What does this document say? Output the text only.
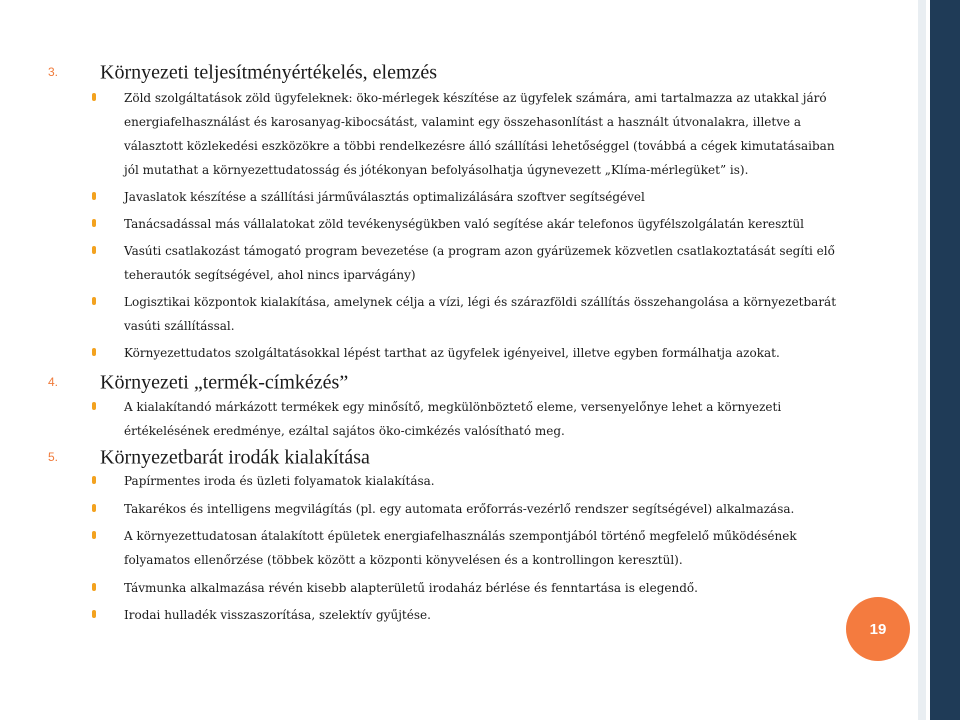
3. Környezeti teljesítményértékelés, elemzés
Zöld szolgáltatások zöld ügyfeleknek: öko-mérlegek készítése az ügyfelek számára, ami tartalmazza az utakkal járó energiafelhasználást és karosanyag-kibocsátást, valamint egy összehasonlítást a használt útvonalakra, illetve a választott közlekedési eszközökre a többi rendelkezésre álló szállítási lehetőséggel (továbbá a cégek kimutatásaiban jól mutathat a környezettudatosság és jótékonyan befolyásolhatja úgynevezett „Klíma-mérlegüket” is).
Javaslatok készítése a szállítási járműválasztás optimalizálására szoftver segítségével
Tanácsadással más vállalatokat zöld tevékenységükben való segítése akár telefonos ügyfélszolgálatán keresztül
Vasúti csatlakozást támogató program bevezetése (a program azon gyárüzemek közvetlen csatlakoztatását segíti elő teherautók segítségével, ahol nincs iparvágány)
Logisztikai központok kialakítása, amelynek célja a vízi, légi és szárazföldi szállítás összehangolása a környezetbarát vasúti szállítással.
Környezettudatos szolgáltatásokkal lépést tarthat az ügyfelek igényeivel, illetve egyben formálhatja azokat.
4. Környezeti „termék-címkézés”
A kialakítandó márkázott termékek egy minősítő, megkülönböztető eleme, versenyelőnye lehet a környezeti értékelésének eredménye, ezáltal sajátos öko-cimkézés valósítható meg.
5. Környezetbarát irodák kialakítása
Papírmentes iroda és üzleti folyamatok kialakítása.
Takarékos és intelligens megvilágítás (pl. egy automata erőforrás-vezérlő rendszer segítségével) alkalmazása.
A környezettudatosan átalakított épületek energiafelhasználás szempontjából történő megfelelő működésének folyamatos ellenőrzése (többek között a központi könyvelésen és a kontrollingon keresztül).
Távmunka alkalmazása révén kisebb alapterületű irodaház bérlése és fenntartása is elegendő.
Irodai hulladék visszaszorítása, szelektív gyűjtése.
19
